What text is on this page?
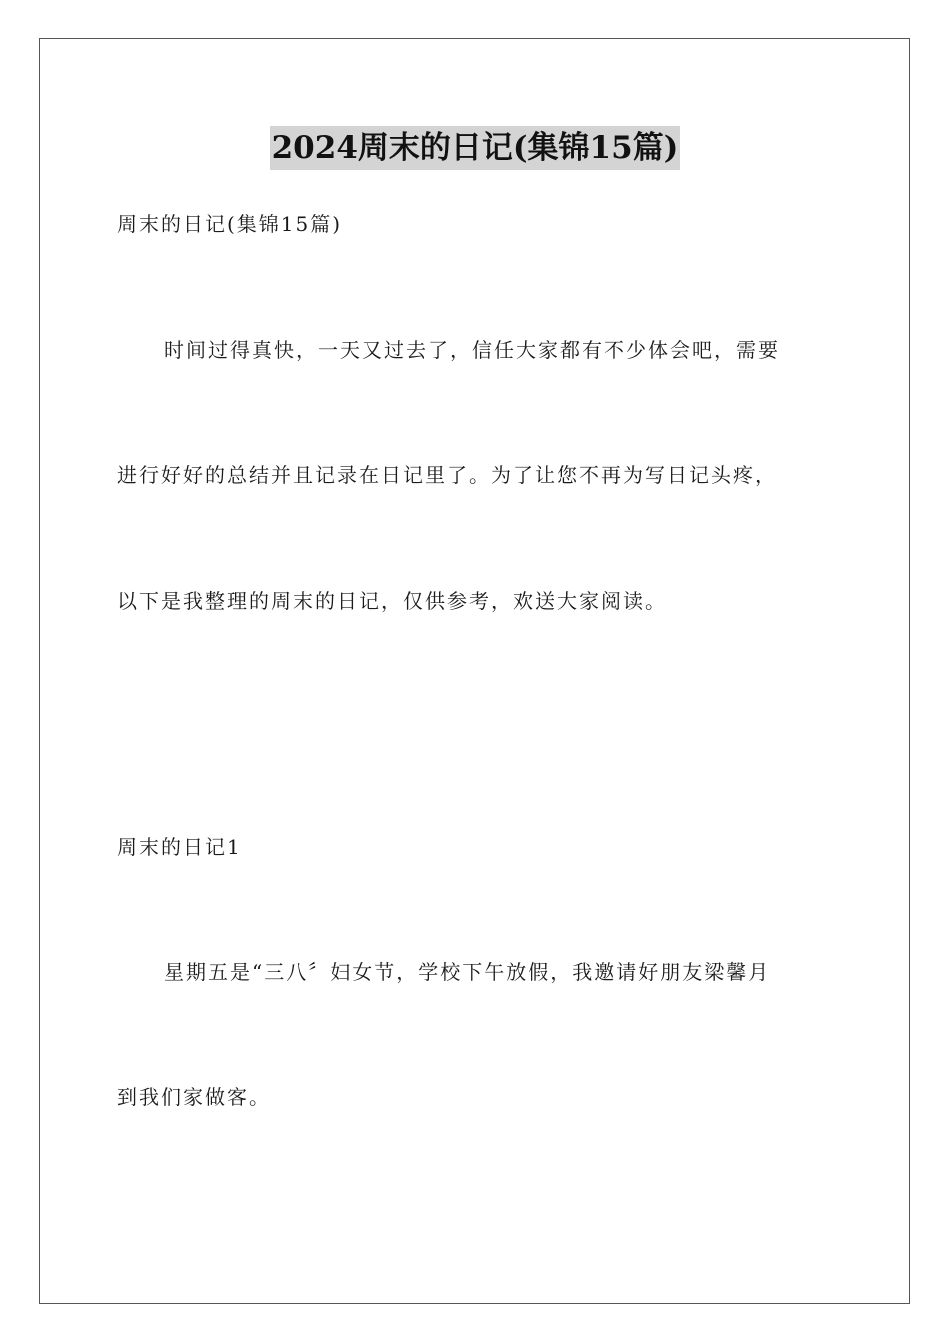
2024周末的日记(集锦15篇)
周末的日记(集锦15篇)
时间过得真快，一天又过去了，信任大家都有不少体会吧，需要
进行好好的总结并且记录在日记里了。为了让您不再为写日记头疼，
以下是我整理的周末的日记，仅供参考，欢送大家阅读。
周末的日记1
星期五是“三八〞妇女节，学校下午放假，我邀请好朋友梁馨月
到我们家做客。
